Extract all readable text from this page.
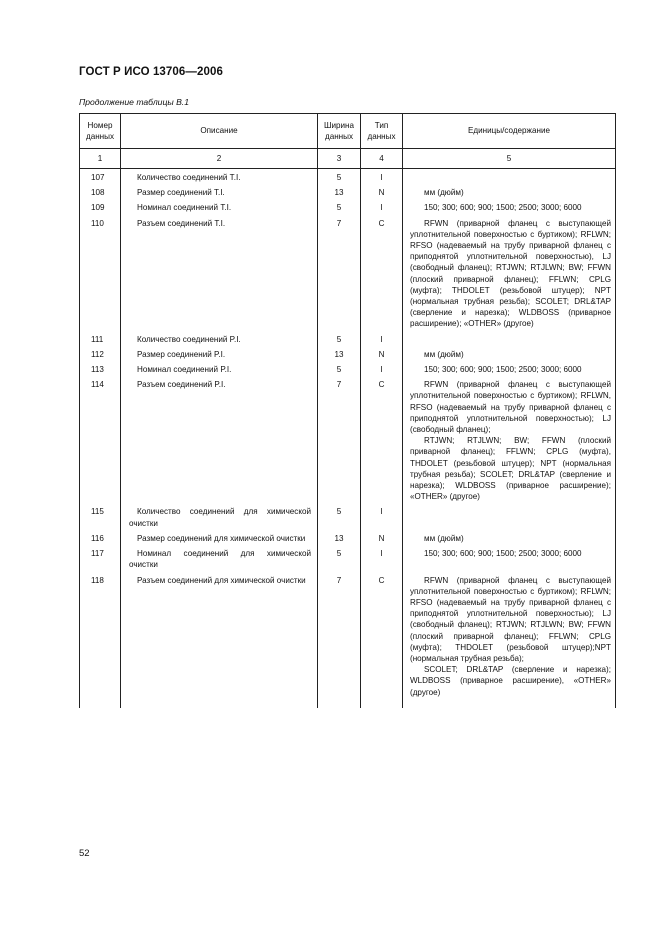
ГОСТ Р ИСО 13706—2006
Продолжение таблицы В.1
Номер данных	Описание	Ширина данных	Тип данных	Единицы/содержание
1	2	3	4	5
107	Количество соединений T.I.	5	I	
108	Размер соединений T.I.	13	N	мм (дюйм)

109	Номинал соединений T.I.	5	I	150; 300; 600; 900; 1500; 2500; 3000; 6000

110	Разъем соединений T.I.	7	C	RFWN (приварной фланец с выступающей уплотнительной поверхностью с буртиком); RFLWN; RFSO (надеваемый на трубу приварной фланец с приподнятой уплотнительной поверхностью), LJ (свободный фланец); RTJWN; RTJLWN; BW; FFWN (плоский приварной фланец); FFLWN; CPLG (муфта); THDOLET (резьбовой штуцер); NPT (нормальная трубная резьба); SCOLET; DRL&TAP (сверление и нарезка); WLDBOSS (приварное расширение); «OTHER» (другое)

111	Количество соединений P.I.	5	I	
112	Размер соединений P.I.	13	N	мм (дюйм)

113	Номинал соединений P.I.	5	I	150; 300; 600; 900; 1500; 2500; 3000; 6000

114	Разъем соединений P.I.	7	C	RFWN (приварной фланец с выступающей уплотнительной поверхностью с буртиком); RFLWN, RFSO (надеваемый на трубу приварной фланец с приподнятой уплотнительной поверхностью); LJ (свободный фланец);

RTJWN; RTJLWN; BW; FFWN (плоский приварной фланец); FFLWN; CPLG (муфта), THDOLET (резьбовой штуцер); NPT (нормальная трубная резьба); SCOLET; DRL&TAP (сверление и нарезка); WLDBOSS (приварное расширение); «OTHER» (другое)

115	Количество соединений для химической очистки	5	I	
116	Размер соединений для химической очистки	13	N	мм (дюйм)

117	Номинал соединений для химической очистки	5	I	150; 300; 600; 900; 1500; 2500; 3000; 6000

118	Разъем соединений для химической очистки	7	C	RFWN (приварной фланец с выступающей уплотнительной поверхностью с буртиком); RFLWN; RFSO (надеваемый на трубу приварной фланец с приподнятой уплотнительной поверхностью); LJ (свободный фланец); RTJWN; RTJLWN; BW; FFWN (плоский приварной фланец); FFLWN; CPLG (муфта); THDOLET (резьбовой штуцер);NPT (нормальная трубная резьба);

SCOLET; DRL&TAP (сверление и нарезка); WLDBOSS (приварное расширение), «OTHER» (другое)

52
